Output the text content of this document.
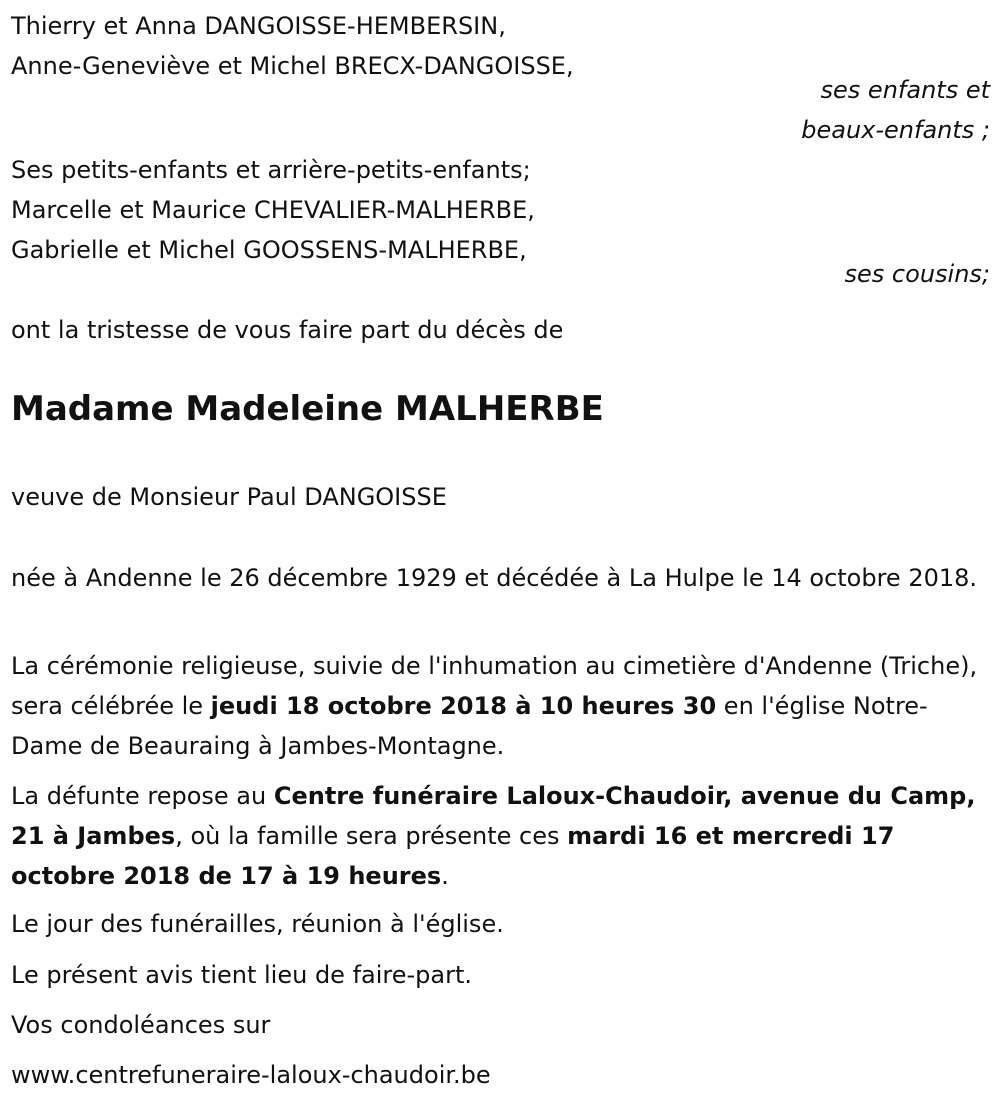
Thierry et Anna DANGOISSE-HEMBERSIN,
Anne-Geneviève et Michel BRECX-DANGOISSE,
ses enfants et
beaux-enfants ;
Ses petits-enfants et arrière-petits-enfants;
Marcelle et Maurice CHEVALIER-MALHERBE,
Gabrielle et Michel GOOSSENS-MALHERBE,
ses cousins;
ont la tristesse de vous faire part du décès de
Madame Madeleine MALHERBE
veuve de Monsieur Paul DANGOISSE
née à Andenne le 26 décembre 1929 et décédée à La Hulpe le 14 octobre 2018.
La cérémonie religieuse, suivie de l'inhumation au cimetière d'Andenne (Triche), sera célébrée le jeudi 18 octobre 2018 à 10 heures 30 en l'église Notre-Dame de Beauraing à Jambes-Montagne.
La défunte repose au Centre funéraire Laloux-Chaudoir, avenue du Camp, 21 à Jambes, où la famille sera présente ces mardi 16 et mercredi 17 octobre 2018 de 17 à 19 heures.
Le jour des funérailles, réunion à l'église.
Le présent avis tient lieu de faire-part.
Vos condoléances sur
www.centrefuneraire-laloux-chaudoir.be
